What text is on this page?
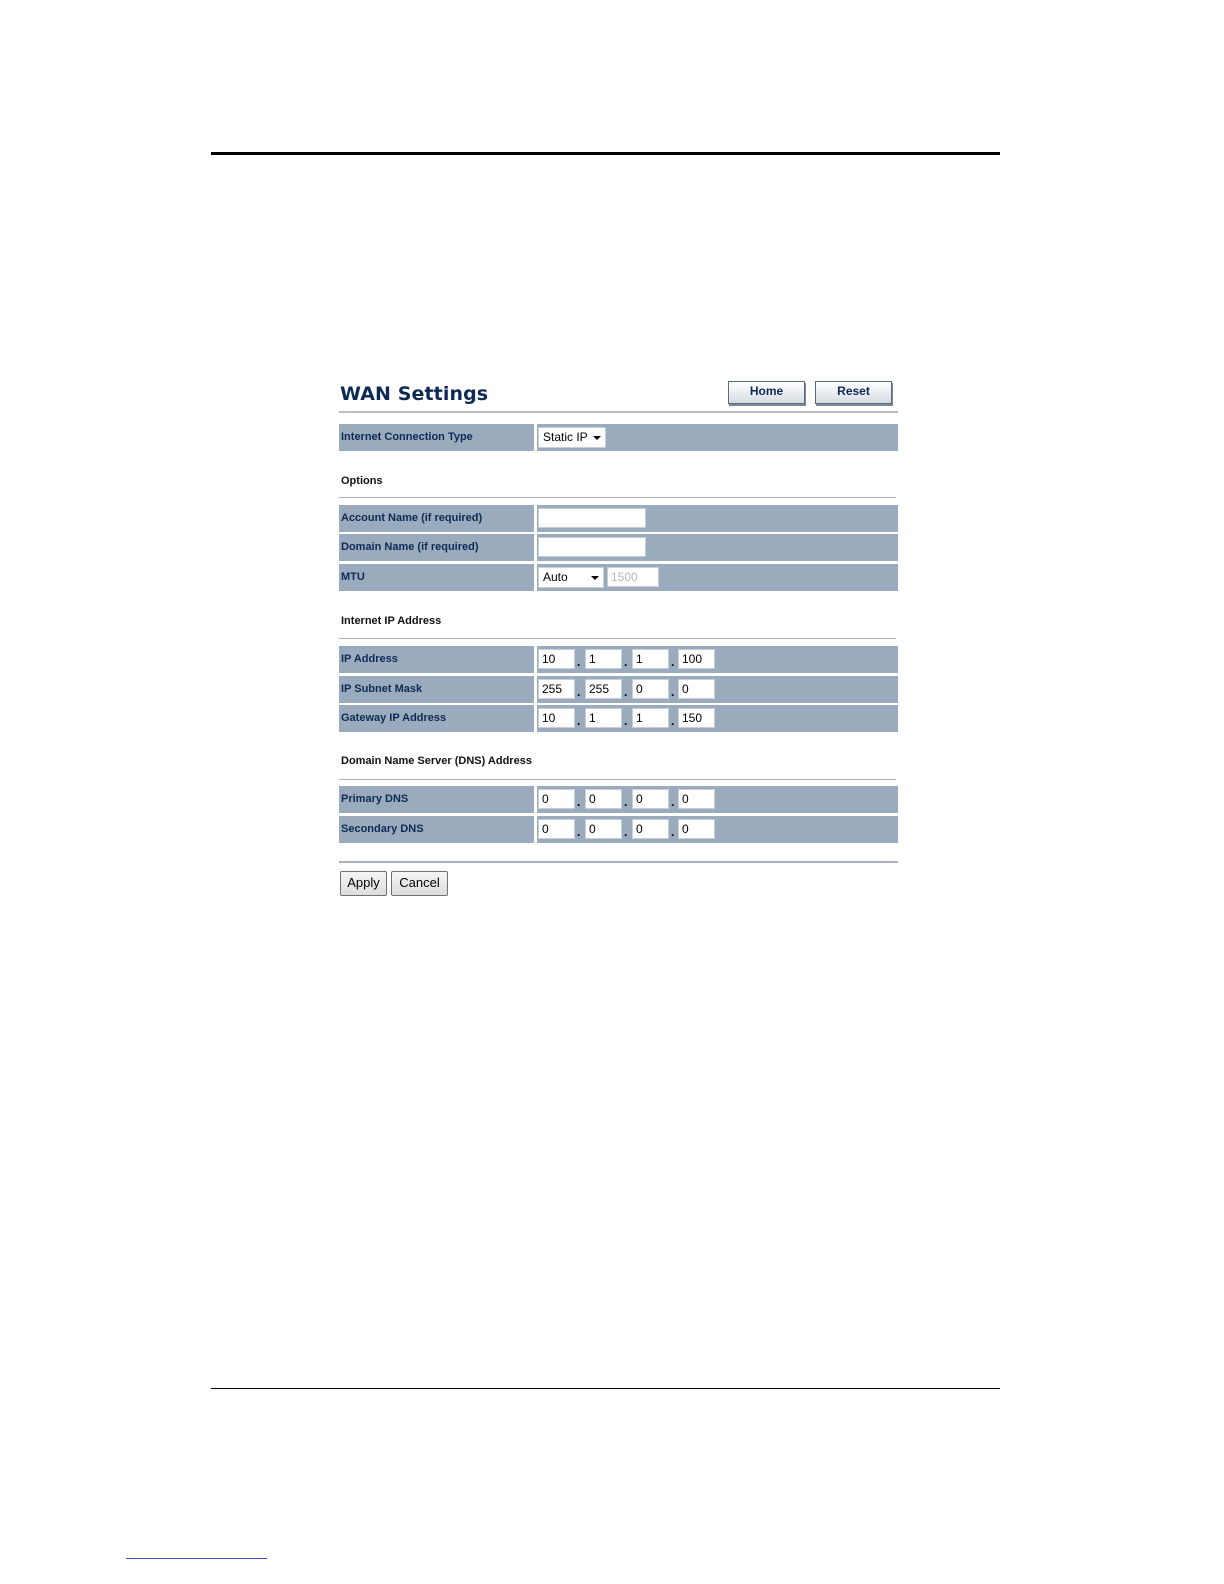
WAN Settings	Home	Reset
Internet Connection Type	Static IP
Options
Account Name (if required)
Domain Name (if required)
MTU	Auto	1500
Internet IP Address
IP Address	10	. 1	. 1	. 100
IP Subnet Mask	255	. 255	. 0	. 0
Gateway IP Address	10	. 1	. 1	. 150
Domain Name Server (DNS) Address
Primary DNS	0	. 0	. 0	. 0
Secondary DNS	0	. 0	. 0	. 0
Apply	Cancel
